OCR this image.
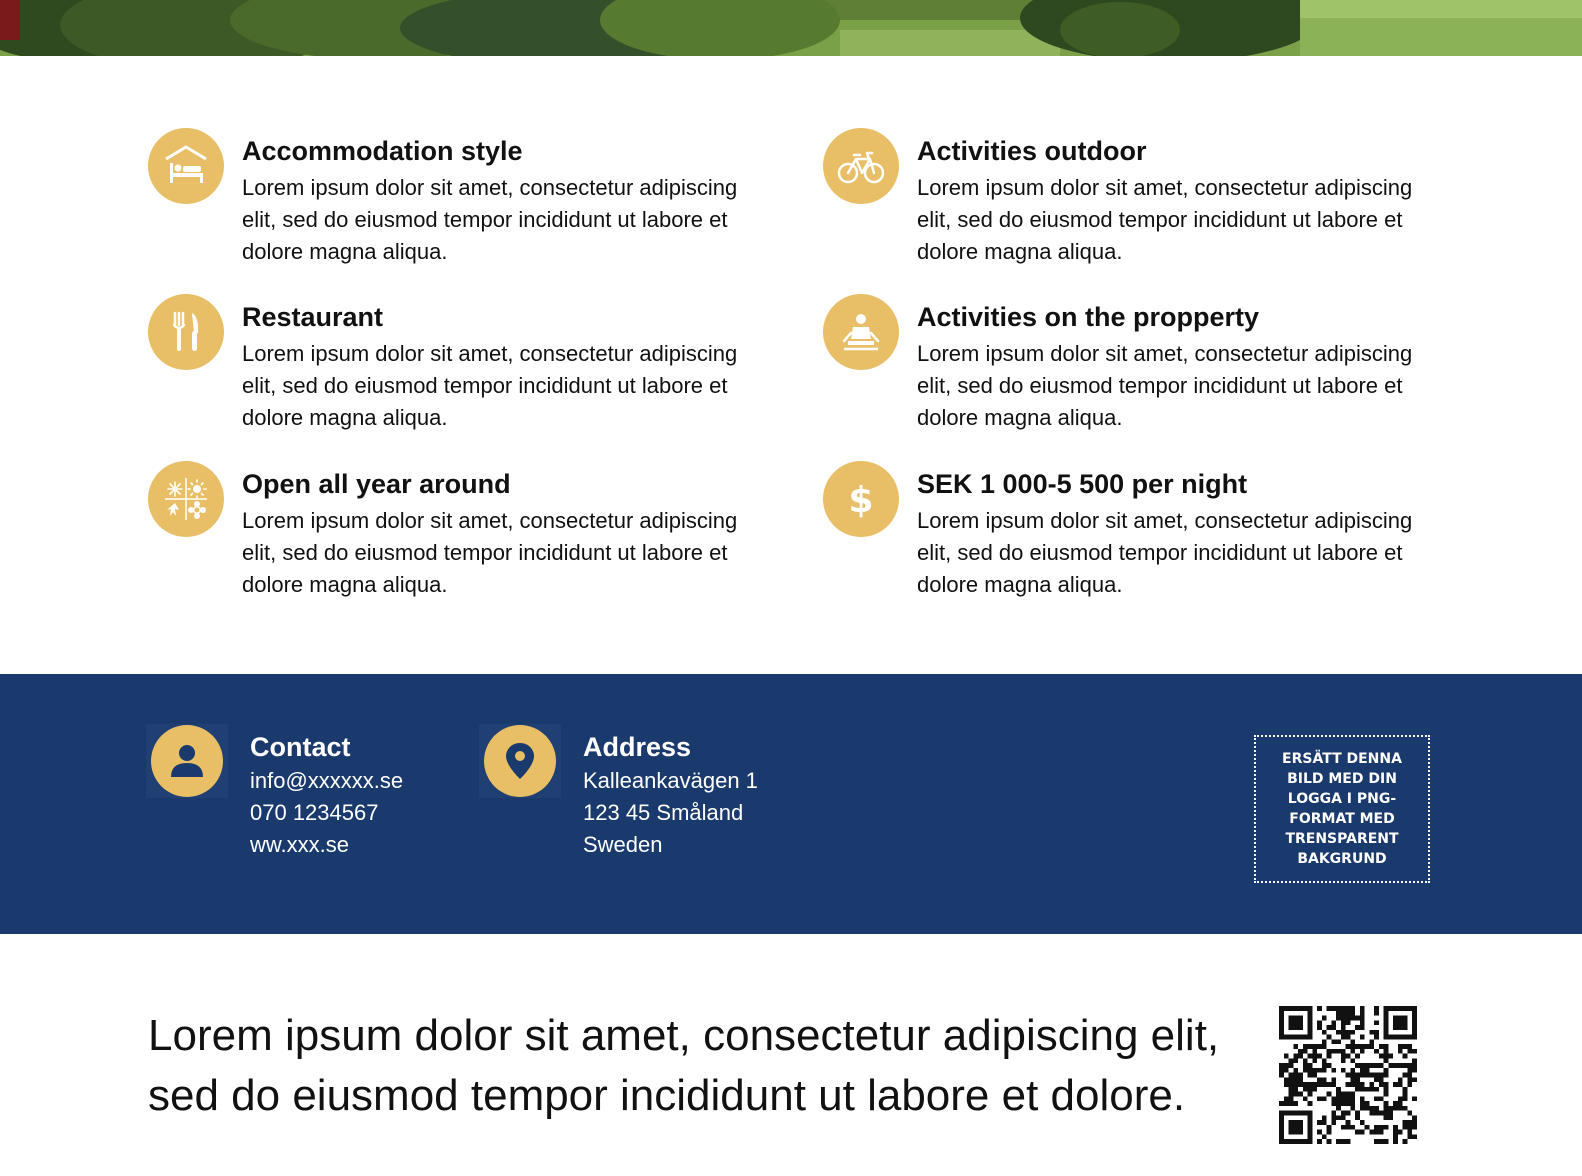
Accommodation style
Lorem ipsum dolor sit amet, consectetur adipiscing elit, sed do eiusmod tempor incididunt ut labore et dolore magna aliqua.
Activities outdoor
Lorem ipsum dolor sit amet, consectetur adipiscing elit, sed do eiusmod tempor incididunt ut labore et dolore magna aliqua.
Restaurant
Lorem ipsum dolor sit amet, consectetur adipiscing elit, sed do eiusmod tempor incididunt ut labore et dolore magna aliqua.
Activities on the propperty
Lorem ipsum dolor sit amet, consectetur adipiscing elit, sed do eiusmod tempor incididunt ut labore et dolore magna aliqua.
Open all year around
Lorem ipsum dolor sit amet, consectetur adipiscing elit, sed do eiusmod tempor incididunt ut labore et dolore magna aliqua.
$ SEK 1 000-5 500 per night
Lorem ipsum dolor sit amet, consectetur adipiscing elit, sed do eiusmod tempor incididunt ut labore et dolore magna aliqua.
Contact
info@xxxxxx.se
070 1234567
ww.xxx.se
Address
Kalleankavägen 1
123 45 Småland
Sweden
ERSÄTT DENNA BILD MED DIN LOGGA I PNG-FORMAT MED TRENSPARENT BAKGRUND
Lorem ipsum dolor sit amet, consectetur adipiscing elit, sed do eiusmod tempor incididunt ut labore et dolore.
